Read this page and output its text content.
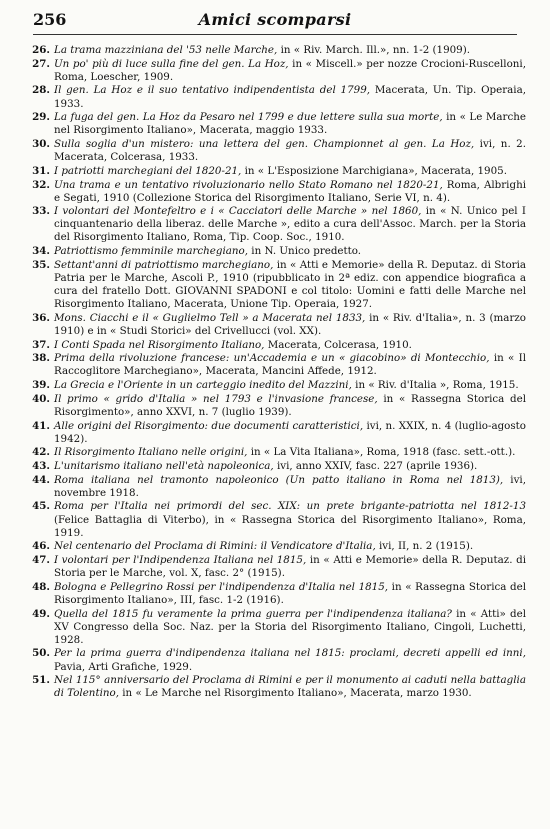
256	Amici scomparsi
26. La trama mazziniana del '53 nelle Marche, in « Riv. March. Ill.», nn. 1-2 (1909).
27. Un po' più di luce sulla fine del gen. La Hoz, in « Miscell.» per nozze Crocioni-Ruscelloni, Roma, Loescher, 1909.
28. Il gen. La Hoz e il suo tentativo indipendentista del 1799, Macerata, Un. Tip. Operaia, 1933.
29. La fuga del gen. La Hoz da Pesaro nel 1799 e due lettere sulla sua morte, in « Le Marche nel Risorgimento Italiano», Macerata, maggio 1933.
30. Sulla soglia d'un mistero: una lettera del gen. Championnet al gen. La Hoz, ivi, n. 2. Macerata, Colcerasa, 1933.
31. I patriotti marchegiani del 1820-21, in « L'Esposizione Marchigiana», Macerata, 1905.
32. Una trama e un tentativo rivoluzionario nello Stato Romano nel 1820-21, Roma, Albrighi e Segati, 1910 (Collezione Storica del Risorgimento Italiano, Serie VI, n. 4).
33. I volontari del Montefeltro e i « Cacciatori delle Marche » nel 1860, in « N. Unico pel I cinquantenario della liberaz. delle Marche », edito a cura dell'Assoc. March. per la Storia del Risorgimento Italiano, Roma, Tip. Coop. Soc., 1910.
34. Patriottismo femminile marchegiano, in N. Unico predetto.
35. Settant'anni di patriottismo marchegiano, in « Atti e Memorie» della R. Deputaz. di Storia Patria per le Marche, Ascoli P., 1910 (ripubblicato in 2ª ediz. con appendice biografica a cura del fratello Dott. GIOVANNI SPADONI e col titolo: Uomini e fatti delle Marche nel Risorgimento Italiano, Macerata, Unione Tip. Operaia, 1927.
36. Mons. Ciacchi e il « Guglielmo Tell » a Macerata nel 1833, in « Riv. d'Italia», n. 3 (marzo 1910) e in « Studi Storici» del Crivellucci (vol. XX).
37. I Conti Spada nel Risorgimento Italiano, Macerata, Colcerasa, 1910.
38. Prima della rivoluzione francese: un'Accademia e un « giacobino» di Montecchio, in « Il Raccoglitore Marchegiano», Macerata, Mancini Affede, 1912.
39. La Grecia e l'Oriente in un carteggio inedito del Mazzini, in « Riv. d'Italia », Roma, 1915.
40. Il primo « grido d'Italia » nel 1793 e l'invasione francese, in « Rassegna Storica del Risorgimento», anno XXVI, n. 7 (luglio 1939).
41. Alle origini del Risorgimento: due documenti caratteristici, ivi, n. XXIX, n. 4 (luglio-agosto 1942).
42. Il Risorgimento Italiano nelle origini, in « La Vita Italiana», Roma, 1918 (fasc. sett.-ott.).
43. L'unitarismo italiano nell'età napoleonica, ivi, anno XXIV, fasc. 227 (aprile 1936).
44. Roma italiana nel tramonto napoleonico (Un patto italiano in Roma nel 1813), ivi, novembre 1918.
45. Roma per l'Italia nei primordi del sec. XIX: un prete brigante-patriotta nel 1812-13 (Felice Battaglia di Viterbo), in « Rassegna Storica del Risorgimento Italiano», Roma, 1919.
46. Nel centenario del Proclama di Rimini: il Vendicatore d'Italia, ivi, II, n. 2 (1915).
47. I volontari per l'Indipendenza Italiana nel 1815, in « Atti e Memorie» della R. Deputaz. di Storia per le Marche, vol. X, fasc. 2° (1915).
48. Bologna e Pellegrino Rossi per l'indipendenza d'Italia nel 1815, in « Rassegna Storica del Risorgimento Italiano», III, fasc. 1-2 (1916).
49. Quella del 1815 fu veramente la prima guerra per l'indipendenza italiana? in « Atti» del XV Congresso della Soc. Naz. per la Storia del Risorgimento Italiano, Cingoli, Luchetti, 1928.
50. Per la prima guerra d'indipendenza italiana nel 1815: proclami, decreti appelli ed inni, Pavia, Arti Grafiche, 1929.
51. Nel 115° anniversario del Proclama di Rimini e per il monumento ai caduti nella battaglia di Tolentino, in « Le Marche nel Risorgimento Italiano», Macerata, marzo 1930.
